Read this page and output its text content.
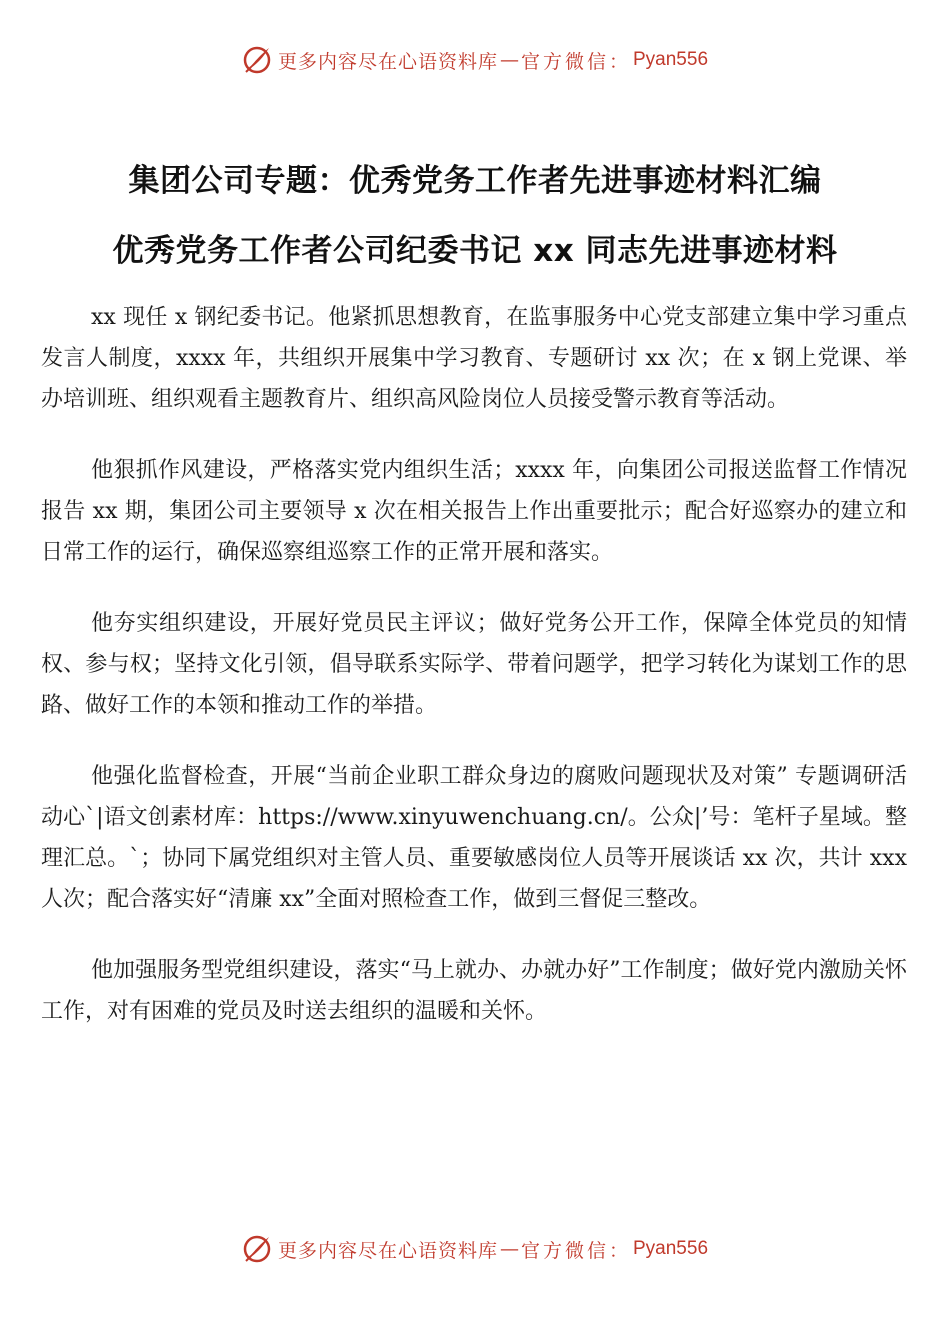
更多内容尽在心语资料库 — 官方微信： Pyan556
集团公司专题：优秀党务工作者先进事迹材料汇编
优秀党务工作者公司纪委书记 xx 同志先进事迹材料

xx 现任 x 钢纪委书记。他紧抓思想教育，在监事服务中心党支部建立集中学习重点发言人制度，xxxx 年，共组织开展集中学习教育、专题研讨 xx 次；在 x 钢上党课、举办培训班、组织观看主题教育片、组织高风险岗位人员接受警示教育等活动。

他狠抓作风建设，严格落实党内组织生活；xxxx 年，向集团公司报送监督工作情况报告 xx 期，集团公司主要领导 x 次在相关报告上作出重要批示；配合好巡察办的建立和日常工作的运行，确保巡察组巡察工作的正常开展和落实。

他夯实组织建设，开展好党员民主评议；做好党务公开工作，保障全体党员的知情权、参与权；坚持文化引领，倡导联系实际学、带着问题学，把学习转化为谋划工作的思路、做好工作的本领和推动工作的举措。

他强化监督检查，开展“当前企业职工群众身边的腐败问题现状及对策” 专题调研活动心`|语文创素材库：https://www.xinyuwenchuang.cn/。公众|’号：笔杆子星域。整理汇总。`；协同下属党组织对主管人员、重要敏感岗位人员等开展谈话 xx 次，共计 xxx 人次；配合落实好“清廉 xx”全面对照检查工作，做到三督促三整改。

他加强服务型党组织建设，落实“马上就办、办就办好”工作制度；做好党内激励关怀工作，对有困难的党员及时送去组织的温暖和关怀。

更多内容尽在心语资料库 — 官方微信： Pyan556
